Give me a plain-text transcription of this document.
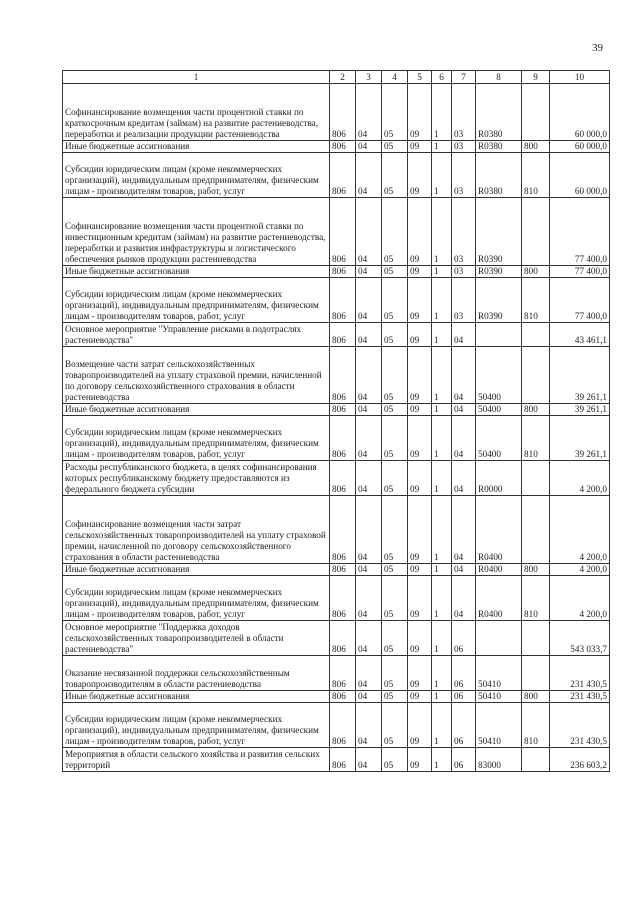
39
1	2	3	4	5	6	7	8	9	10
Софинансирование возмещения части процентной ставки по краткосрочным кредитам (займам) на развитие растениеводства, переработки и реализации продукции растениеводства	806	04	05	09	1	03	R0380		60 000,0
Иные бюджетные ассигнования	806	04	05	09	1	03	R0380	800	60 000,0
Субсидии юридическим лицам (кроме некоммерческих организаций), индивидуальным предпринимателям, физическим лицам - производителям товаров, работ, услуг	806	04	05	09	1	03	R0380	810	60 000,0
Софинансирование возмещения части процентной ставки по инвестиционным кредитам (займам) на развитие растениеводства, переработки и развития инфраструктуры и логистического обеспечения рынков продукции растениеводства	806	04	05	09	1	03	R0390		77 400,0
Иные бюджетные ассигнования	806	04	05	09	1	03	R0390	800	77 400,0
Субсидии юридическим лицам (кроме некоммерческих организаций), индивидуальным предпринимателям, физическим лицам - производителям товаров, работ, услуг	806	04	05	09	1	03	R0390	810	77 400,0
Основное мероприятие "Управление рисками в подотраслях растениеводства"	806	04	05	09	1	04			43 461,1
Возмещение части затрат сельскохозяйственных товаропроизводителей на уплату страховой премии, начисленной по договору сельскохозяйственного страхования в области растениеводства	806	04	05	09	1	04	50400		39 261,1
Иные бюджетные ассигнования	806	04	05	09	1	04	50400	800	39 261,1
Субсидии юридическим лицам (кроме некоммерческих организаций), индивидуальным предпринимателям, физическим лицам - производителям товаров, работ, услуг	806	04	05	09	1	04	50400	810	39 261,1
Расходы республиканского бюджета, в целях софинансирования которых республиканскому бюджету предоставляются из федерального бюджета субсидии	806	04	05	09	1	04	R0000		4 200,0
Софинансирование возмещения части затрат сельскохозяйственных товаропроизводителей на уплату страховой премии, начисленной по договору сельскохозяйственного страхования в области растениеводства	806	04	05	09	1	04	R0400		4 200,0
Иные бюджетные ассигнования	806	04	05	09	1	04	R0400	800	4 200,0
Субсидии юридическим лицам (кроме некоммерческих организаций), индивидуальным предпринимателям, физическим лицам - производителям товаров, работ, услуг	806	04	05	09	1	04	R0400	810	4 200,0
Основное мероприятие "Поддержка доходов сельскохозяйственных товаропроизводителей в области растениеводства"	806	04	05	09	1	06			543 033,7
Оказание несвязанной поддержки сельскохозяйственным товаропроизводителям в области растениеводства	806	04	05	09	1	06	50410		231 430,5
Иные бюджетные ассигнования	806	04	05	09	1	06	50410	800	231 430,5
Субсидии юридическим лицам (кроме некоммерческих организаций), индивидуальным предпринимателям, физическим лицам - производителям товаров, работ, услуг	806	04	05	09	1	06	50410	810	231 430,5
Мероприятия в области сельского хозяйства и развития сельских территорий	806	04	05	09	1	06	83000		236 603,2
